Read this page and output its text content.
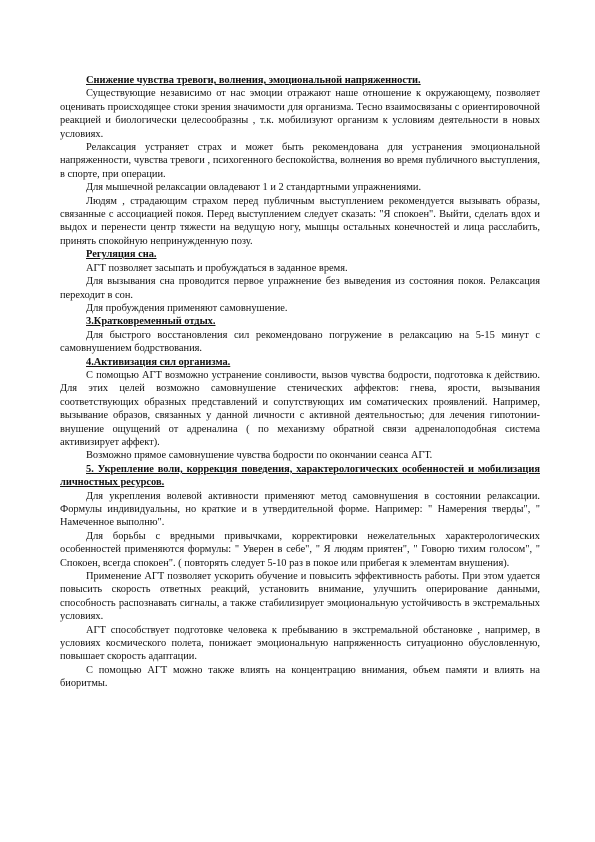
Снижение чувства тревоги, волнения, эмоциональной напряженности.

Существующие независимо от нас эмоции отражают наше отношение к окружающему, позволяет оценивать происходящее стоки зрения значимости для организма. Тесно взаимосвязаны с ориентировочной реакцией и биологически целесообразны , т.к. мобилизуют организм к условиям деятельности в новых условиях.

Релаксация устраняет страх и может быть рекомендована для устранения эмоциональной напряженности, чувства тревоги , психогенного беспокойства, волнения во время публичного выступления, в спорте, при операции.

Для мышечной релаксации овладевают 1 и 2 стандартными упражнениями.

Людям , страдающим страхом перед публичным выступлением рекомендуется вызывать образы, связанные с ассоциацией покоя. Перед выступлением следует сказать: "Я спокоен". Выйти, сделать вдох и выдох и перенести центр тяжести на ведущую ногу, мышцы остальных конечностей и лица расслабить, принять спокойную непринужденную позу.

Регуляция сна.

АГТ позволяет засыпать и пробуждаться в заданное время.

Для вызывания сна проводится первое упражнение без выведения из состояния покоя. Релаксация переходит в сон.

Для пробуждения применяют самовнушение.

3.Кратковременный отдых.

Для быстрого восстановления сил рекомендовано погружение в релаксацию на 5-15 минут с самовнушением бодрствования.

4.Активизация сил организма.

С помощью АГТ возможно устранение сонливости, вызов чувства бодрости, подготовка к действию. Для этих целей возможно самовнушение стенических аффектов: гнева, ярости, вызывания соответствующих образных представлений и сопутствующих им соматических проявлений. Например, вызывание образов, связанных у данной личности с активной деятельностью; для лечения гипотонии- внушение ощущений от адреналина ( по механизму обратной связи адреналоподобная система активизирует аффект).

Возможно прямое самовнушение чувства бодрости по окончании сеанса АГТ.

5. Укрепление воли, коррекция поведения, характерологических особенностей и мобилизация личностных ресурсов.

Для укрепления волевой активности применяют метод самовнушения в состоянии релаксации. Формулы индивидуальны, но краткие и в утвердительной форме. Например: " Намерения тверды", " Намеченное выполню".

Для борьбы с вредными привычками, корректировки нежелательных характерологических особенностей применяются формулы: " Уверен в себе", " Я людям приятен", " Говорю тихим голосом", " Спокоен, всегда спокоен". ( повторять следует 5-10 раз в покое или прибегая к элементам внушения).

Применение АГТ позволяет ускорить обучение и повысить эффективность работы. При этом удается повысить скорость ответных реакций, установить внимание, улучшить оперирование данными, способность распознавать сигналы, а также стабилизирует эмоциональную устойчивость в экстремальных условиях.

АГТ способствует подготовке человека к пребыванию в экстремальной обстановке , например, в условиях космического полета, понижает эмоциональную напряженность ситуационно обусловленную, повышает скорость адаптации.

С помощью АГТ можно также влиять на концентрацию внимания, объем памяти и влиять на биоритмы.
